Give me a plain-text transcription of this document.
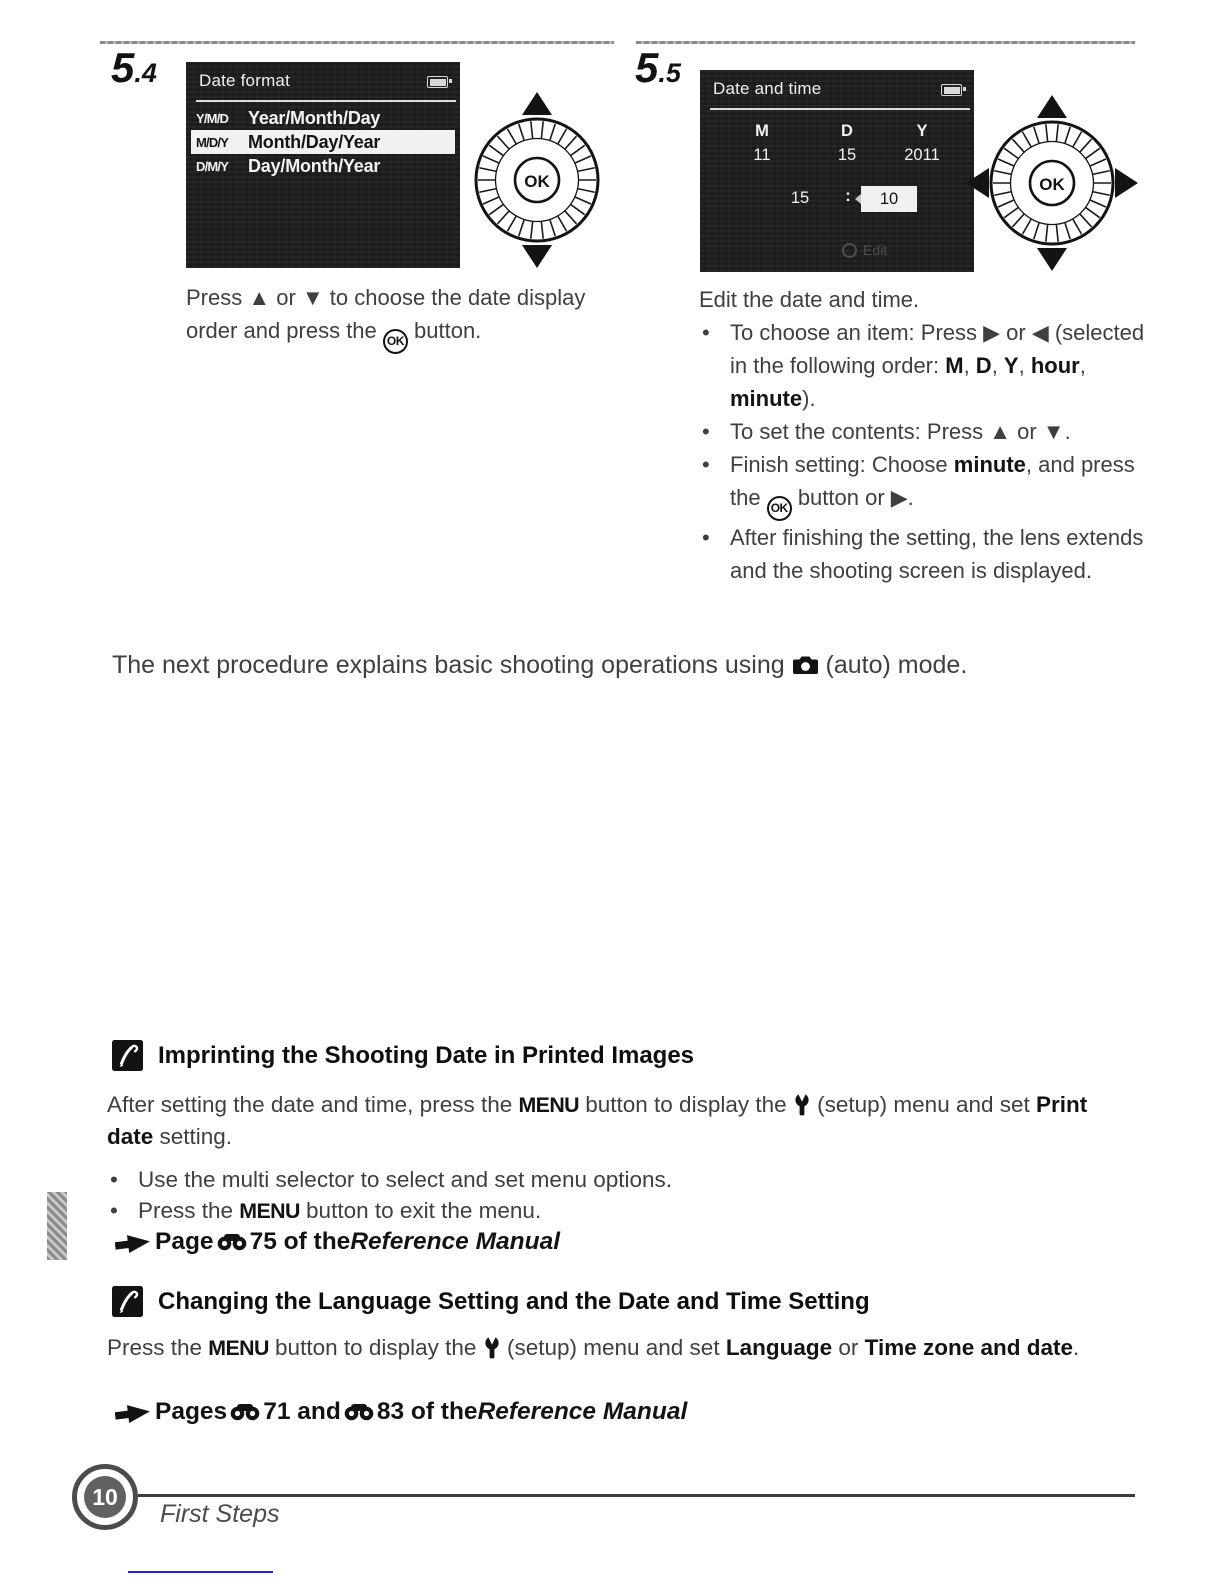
5.4 Date format
Y/M/D	Year/Month/Day
M/D/Y	Month/Day/Year
D/M/Y	Day/Month/Year
OK
Press ▲ or ▼ to choose the date display order and press the OK button.
5.5
Date and time
M	D	Y
11	15	2011
15 :	10
Edit
OK
Edit the date and time.
• To choose an item: Press ▶ or ◀ (selected in the following order: M, D, Y, hour, minute).
• To set the contents: Press ▲ or ▼.
• Finish setting: Choose minute, and press the OK button or ▶.
• After finishing the setting, the lens extends and the shooting screen is displayed.
The next procedure explains basic shooting operations using  (auto) mode.
Imprinting the Shooting Date in Printed Images
After setting the date and time, press the MENU button to display the  (setup) menu and set Print date setting.
• Use the multi selector to select and set menu options.
• Press the MENU button to exit the menu.
Page 75 of the Reference Manual
Changing the Language Setting and the Date and Time Setting
Press the MENU button to display the  (setup) menu and set Language or Time zone and date.
Pages 71 and 83 of the Reference Manual
10
First Steps
